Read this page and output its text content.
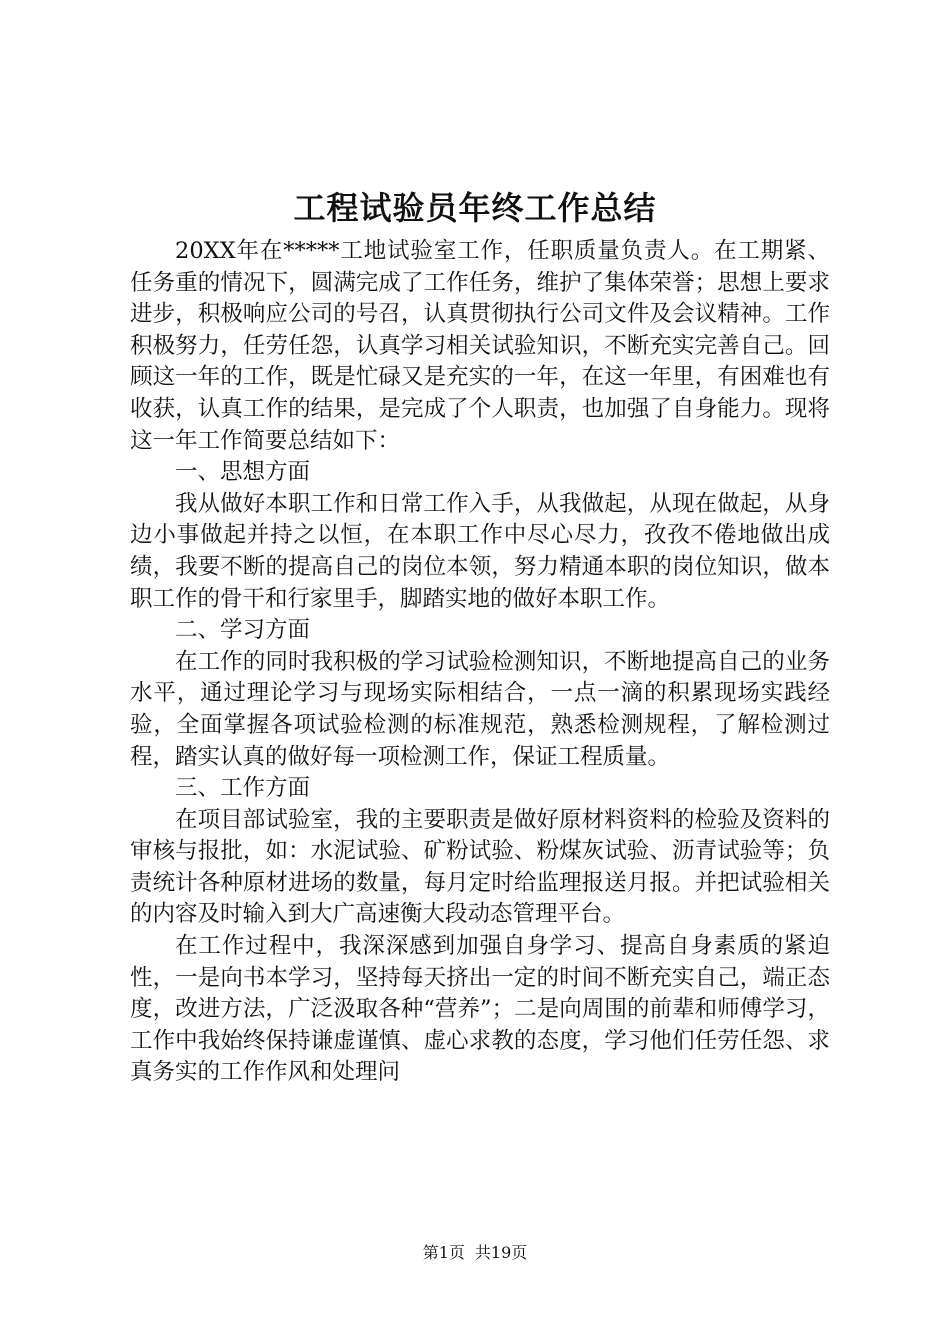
工程试验员年终工作总结

20XX年在*****工地试验室工作，任职质量负责人。在工期紧、任务重的情况下，圆满完成了工作任务，维护了集体荣誉；思想上要求进步，积极响应公司的号召，认真贯彻执行公司文件及会议精神。工作积极努力，任劳任怨，认真学习相关试验知识，不断充实完善自己。回顾这一年的工作，既是忙碌又是充实的一年，在这一年里，有困难也有收获，认真工作的结果，是完成了个人职责，也加强了自身能力。现将这一年工作简要总结如下：

一、思想方面

我从做好本职工作和日常工作入手，从我做起，从现在做起，从身边小事做起并持之以恒，在本职工作中尽心尽力，孜孜不倦地做出成绩，我要不断的提高自己的岗位本领，努力精通本职的岗位知识，做本职工作的骨干和行家里手，脚踏实地的做好本职工作。

二、学习方面

在工作的同时我积极的学习试验检测知识，不断地提高自己的业务水平，通过理论学习与现场实际相结合，一点一滴的积累现场实践经验，全面掌握各项试验检测的标准规范，熟悉检测规程，了解检测过程，踏实认真的做好每一项检测工作，保证工程质量。

三、工作方面

在项目部试验室，我的主要职责是做好原材料资料的检验及资料的审核与报批，如：水泥试验、矿粉试验、粉煤灰试验、沥青试验等；负责统计各种原材进场的数量，每月定时给监理报送月报。并把试验相关的内容及时输入到大广高速衡大段动态管理平台。

在工作过程中，我深深感到加强自身学习、提高自身素质的紧迫性，一是向书本学习，坚持每天挤出一定的时间不断充实自己，端正态度，改进方法，广泛汲取各种“营养”；二是向周围的前辈和师傅学习，工作中我始终保持谦虚谨慎、虚心求教的态度，学习他们任劳任怨、求真务实的工作作风和处理问

第1页 共19页
